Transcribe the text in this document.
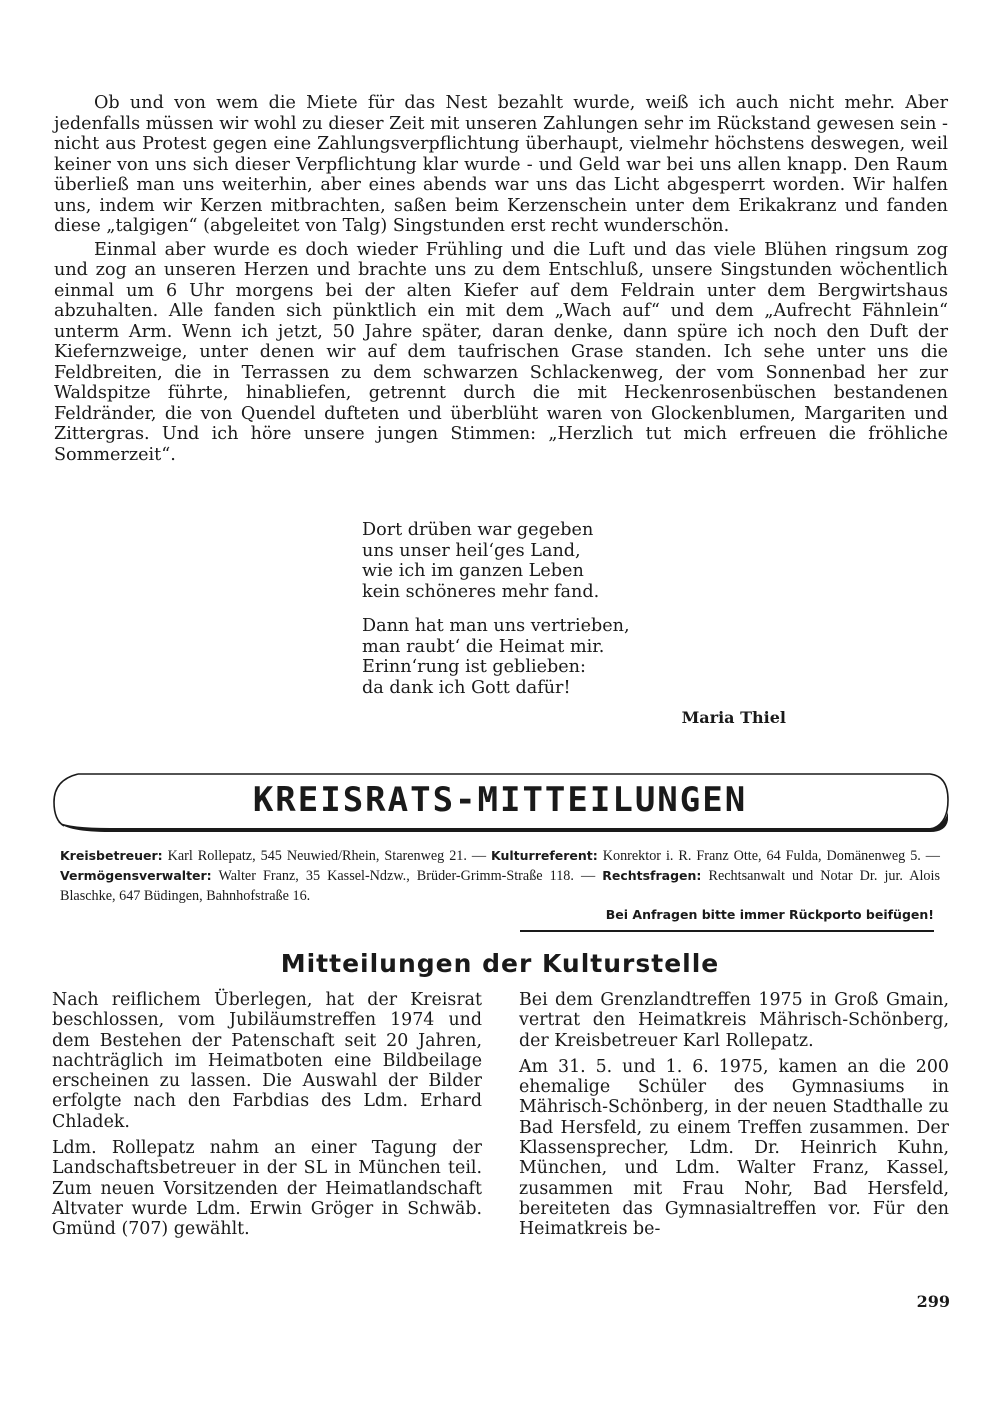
Ob und von wem die Miete für das Nest bezahlt wurde, weiß ich auch nicht mehr. Aber jedenfalls müssen wir wohl zu dieser Zeit mit unseren Zahlungen sehr im Rückstand gewesen sein - nicht aus Protest gegen eine Zahlungsverpflichtung überhaupt, vielmehr höchstens deswegen, weil keiner von uns sich dieser Verpflichtung klar wurde - und Geld war bei uns allen knapp. Den Raum überließ man uns weiterhin, aber eines abends war uns das Licht abgesperrt worden. Wir halfen uns, indem wir Kerzen mitbrachten, saßen beim Kerzenschein unter dem Erikakranz und fanden diese „talgigen“ (abgeleitet von Talg) Singstunden erst recht wunderschön.

Einmal aber wurde es doch wieder Frühling und die Luft und das viele Blühen ringsum zog und zog an unseren Herzen und brachte uns zu dem Entschluß, unsere Singstunden wöchentlich einmal um 6 Uhr morgens bei der alten Kiefer auf dem Feldrain unter dem Bergwirtshaus abzuhalten. Alle fanden sich pünktlich ein mit dem „Wach auf“ und dem „Aufrecht Fähnlein“ unterm Arm. Wenn ich jetzt, 50 Jahre später, daran denke, dann spüre ich noch den Duft der Kiefernzweige, unter denen wir auf dem taufrischen Grase standen. Ich sehe unter uns die Feldbreiten, die in Terrassen zu dem schwarzen Schlackenweg, der vom Sonnenbad her zur Waldspitze führte, hinabliefen, getrennt durch die mit Heckenrosenbüschen bestandenen Feldränder, die von Quendel dufteten und überblüht waren von Glockenblumen, Margariten und Zittergras. Und ich höre unsere jungen Stimmen: „Herzlich tut mich erfreuen die fröhliche Sommerzeit“.

Dort drüben war gegeben
uns unser heil‘ges Land,
wie ich im ganzen Leben
kein schöneres mehr fand.
Dann hat man uns vertrieben,
man raubt‘ die Heimat mir.
Erinn‘rung ist geblieben:
da dank ich Gott dafür!
Maria Thiel
KREISRATS-MITTEILUNGEN
Kreisbetreuer: Karl Rollepatz, 545 Neuwied/Rhein, Starenweg 21. — Kulturreferent: Konrektor i. R. Franz Otte, 64 Fulda, Domänenweg 5. — Vermögensverwalter: Walter Franz, 35 Kassel-Ndzw., Brüder-Grimm-Straße 118. — Rechtsfragen: Rechtsanwalt und Notar Dr. jur. Alois Blaschke, 647 Büdingen, Bahnhofstraße 16.
Bei Anfragen bitte immer Rückporto beifügen!
Mitteilungen der Kulturstelle

Nach reiflichem Überlegen, hat der Kreisrat beschlossen, vom Jubiläumstreffen 1974 und dem Bestehen der Patenschaft seit 20 Jahren, nachträglich im Heimatboten eine Bildbeilage erscheinen zu lassen. Die Auswahl der Bilder erfolgte nach den Farbdias des Ldm. Erhard Chladek.

Ldm. Rollepatz nahm an einer Tagung der Landschaftsbetreuer in der SL in München teil. Zum neuen Vorsitzenden der Heimatlandschaft Altvater wurde Ldm. Erwin Gröger in Schwäb. Gmünd (707) gewählt.

Bei dem Grenzlandtreffen 1975 in Groß Gmain, vertrat den Heimatkreis Mährisch-Schönberg, der Kreisbetreuer Karl Rollepatz.

Am 31. 5. und 1. 6. 1975, kamen an die 200 ehemalige Schüler des Gymnasiums in Mährisch-Schönberg, in der neuen Stadthalle zu Bad Hersfeld, zu einem Treffen zusammen. Der Klassensprecher, Ldm. Dr. Heinrich Kuhn, München, und Ldm. Walter Franz, Kassel, zusammen mit Frau Nohr, Bad Hersfeld, bereiteten das Gymnasialtreffen vor. Für den Heimatkreis be-

299
